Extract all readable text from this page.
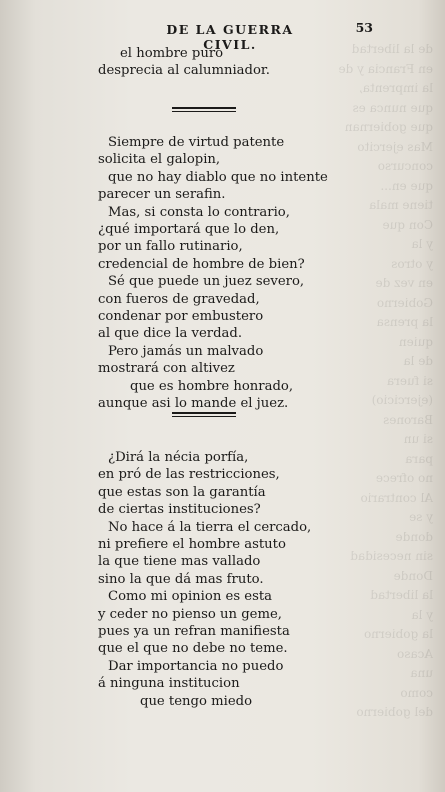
de la libertad
en Francia y de
la imprenta,
que nunca es
que gobiernan
Mas ejercito
concurso
que en...
tiene mala
Con que
y la
y otros
en vez de
Gobierno
la prensa
quien
de la
si fuera
(ejercicio)
Barones
si un
para
no ofrece
Al contrario
y se
donde
sin necesidad
Donde
la libertad
y la
la gobierno
Acaso
una
como
del gobierno
DE LA GUERRA CIVIL.
53
el hombre puro
desprecia al calumniador.
Siempre de virtud patente
solicita el galopin,
que no hay diablo que no intente
parecer un serafin.
Mas, si consta lo contrario,
¿qué importará que lo den,
por un fallo rutinario,
credencial de hombre de bien?
Sé que puede un juez severo,
con fueros de gravedad,
condenar por embustero
al que dice la verdad.
Pero jamás un malvado
mostrará con altivez
que es hombre honrado,
aunque asi lo mande el juez.
¿Dirá la nécia porfía,
en pró de las restricciones,
que estas son la garantía
de ciertas instituciones?
No hace á la tierra el cercado,
ni prefiere el hombre astuto
la que tiene mas vallado
sino la que dá mas fruto.
Como mi opinion es esta
y ceder no pienso un geme,
pues ya un refran manifiesta
que el que no debe no teme.
Dar importancia no puedo
á ninguna institucion
que tengo miedo
